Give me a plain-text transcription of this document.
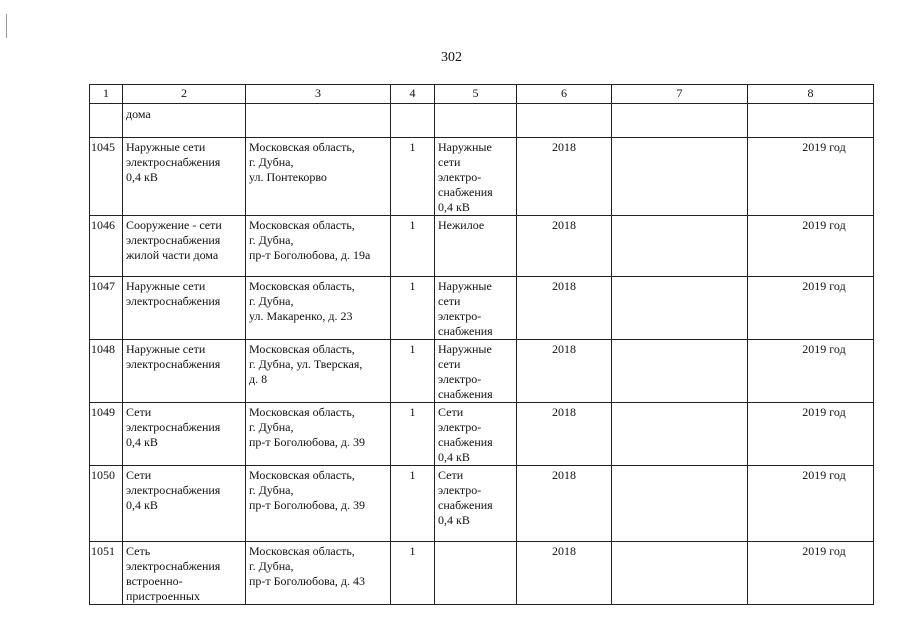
302
1	2	3	4	5	6	7	8

	дома						

1045	Наружные сети
электроснабжения
0,4 кВ	Московская область,
г. Дубна,
ул. Понтекорво	1	Наружные
сети
электро-
снабжения
0,4 кВ	2018		2019 год
1046	Сооружение - сети
электроснабжения
жилой части дома	Московская область,
г. Дубна,
пр-т Боголюбова, д. 19а	1	Нежилое	2018		2019 год
1047	Наружные сети
электроснабжения	Московская область,
г. Дубна,
ул. Макаренко, д. 23	1	Наружные
сети
электро-
снабжения	2018		2019 год
1048	Наружные сети
электроснабжения	Московская область,
г. Дубна, ул. Тверская,
д. 8	1	Наружные
сети
электро-
снабжения	2018		2019 год
1049	Сети
электроснабжения
0,4 кВ	Московская область,
г. Дубна,
пр-т Боголюбова, д. 39	1	Сети
электро-
снабжения
0,4 кВ	2018		2019 год
1050	Сети
электроснабжения
0,4 кВ	Московская область,
г. Дубна,
пр-т Боголюбова, д. 39	1	Сети
электро-
снабжения
0,4 кВ	2018		2019 год
1051	Сеть
электроснабжения
встроенно-
пристроенных	Московская область,
г. Дубна,
пр-т Боголюбова, д. 43	1		2018		2019 год
